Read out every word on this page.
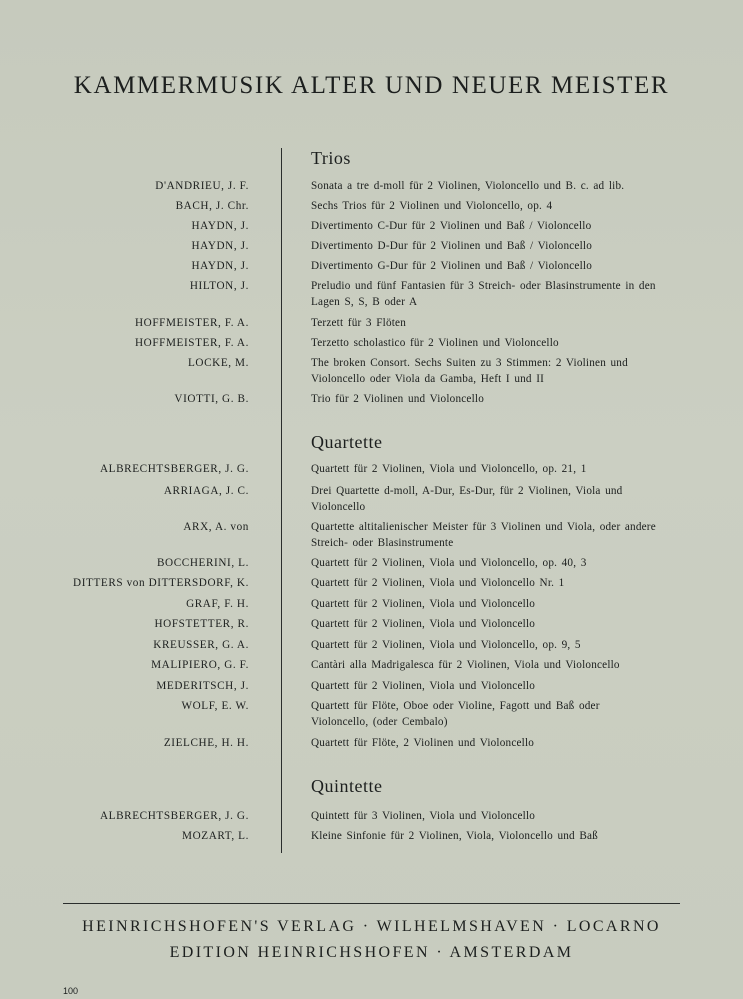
KAMMERMUSIK ALTER UND NEUER MEISTER
Trios
D'ANDRIEU, J. F.	Sonata a tre d-moll für 2 Violinen, Violoncello und B. c. ad lib.
BACH, J. Chr.	Sechs Trios für 2 Violinen und Violoncello, op. 4
HAYDN, J.	Divertimento C-Dur für 2 Violinen und Baß / Violoncello
HAYDN, J.	Divertimento D-Dur für 2 Violinen und Baß / Violoncello
HAYDN, J.	Divertimento G-Dur für 2 Violinen und Baß / Violoncello
HILTON, J.	Preludio und fünf Fantasien für 3 Streich- oder Blasinstrumente in den Lagen S, S, B oder A
HOFFMEISTER, F. A.	Terzett für 3 Flöten
HOFFMEISTER, F. A.	Terzetto scholastico für 2 Violinen und Violoncello
LOCKE, M.	The broken Consort. Sechs Suiten zu 3 Stimmen: 2 Violinen und Violoncello oder Viola da Gamba, Heft I und II
VIOTTI, G. B.	Trio für 2 Violinen und Violoncello
Quartette
ALBRECHTSBERGER, J. G.	Quartett für 2 Violinen, Viola und Violoncello, op. 21, 1
ARRIAGA, J. C.	Drei Quartette d-moll, A-Dur, Es-Dur, für 2 Violinen, Viola und Violoncello
ARX, A. von	Quartette altitalienischer Meister für 3 Violinen und Viola, oder andere Streich- oder Blasinstrumente
BOCCHERINI, L.	Quartett für 2 Violinen, Viola und Violoncello, op. 40, 3
DITTERS von DITTERSDORF, K.	Quartett für 2 Violinen, Viola und Violoncello Nr. 1
GRAF, F. H.	Quartett für 2 Violinen, Viola und Violoncello
HOFSTETTER, R.	Quartett für 2 Violinen, Viola und Violoncello
KREUSSER, G. A.	Quartett für 2 Violinen, Viola und Violoncello, op. 9, 5
MALIPIERO, G. F.	Cantàri alla Madrigalesca für 2 Violinen, Viola und Violoncello
MEDERITSCH, J.	Quartett für 2 Violinen, Viola und Violoncello
WOLF, E. W.	Quartett für Flöte, Oboe oder Violine, Fagott und Baß oder Violoncello, (oder Cembalo)
ZIELCHE, H. H.	Quartett für Flöte, 2 Violinen und Violoncello
Quintette
ALBRECHTSBERGER, J. G.	Quintett für 3 Violinen, Viola und Violoncello
MOZART, L.	Kleine Sinfonie für 2 Violinen, Viola, Violoncello und Baß
HEINRICHSHOFEN'S VERLAG · WILHELMSHAVEN · LOCARNO
EDITION HEINRICHSHOFEN · AMSTERDAM
100
